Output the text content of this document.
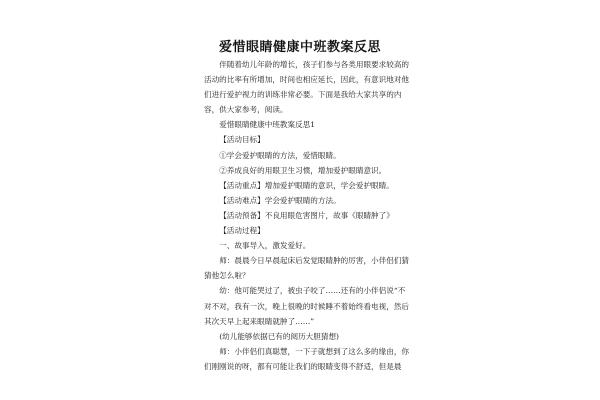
爱惜眼睛健康中班教案反思

伴随着幼儿年龄的增长，孩子们参与各类用眼要求较高的活动的比率有所增加，时间也相应延长，因此，有意识地对他们进行爱护视力的训练非常必要。下面是我给大家共享的内容，供大家参考，阅读。

爱惜眼睛健康中班教案反思1

【活动目标】

①学会爱护眼睛的方法，爱惜眼睛。

②养成良好的用眼卫生习惯，增加爱护眼睛意识。

【活动重点】增加爱护眼睛的意识，学会爱护眼睛。

【活动难点】学会爱护眼睛的方法。

【活动预备】不良用眼危害图片，故事《眼睛肿了》

【活动过程】

一、故事导入，激发爱好。

师：晨晨今日早晨起床后发觉眼睛肿的厉害，小伴侣们猜猜他怎么啦？

幼：他可能哭过了，被虫子咬了……还有的小伴侣说“不对不对，我有一次，晚上很晚的时候睡不着始终看电视，然后其次天早上起来眼睛就肿了……”

(幼儿能够依据已有的阅历大胆猜想)

师：小伴侣们真聪慧，一下子就想到了这么多的缘由，你们刚刚说的呀，都有可能让我们的眼睛变得不舒适，但是晨
